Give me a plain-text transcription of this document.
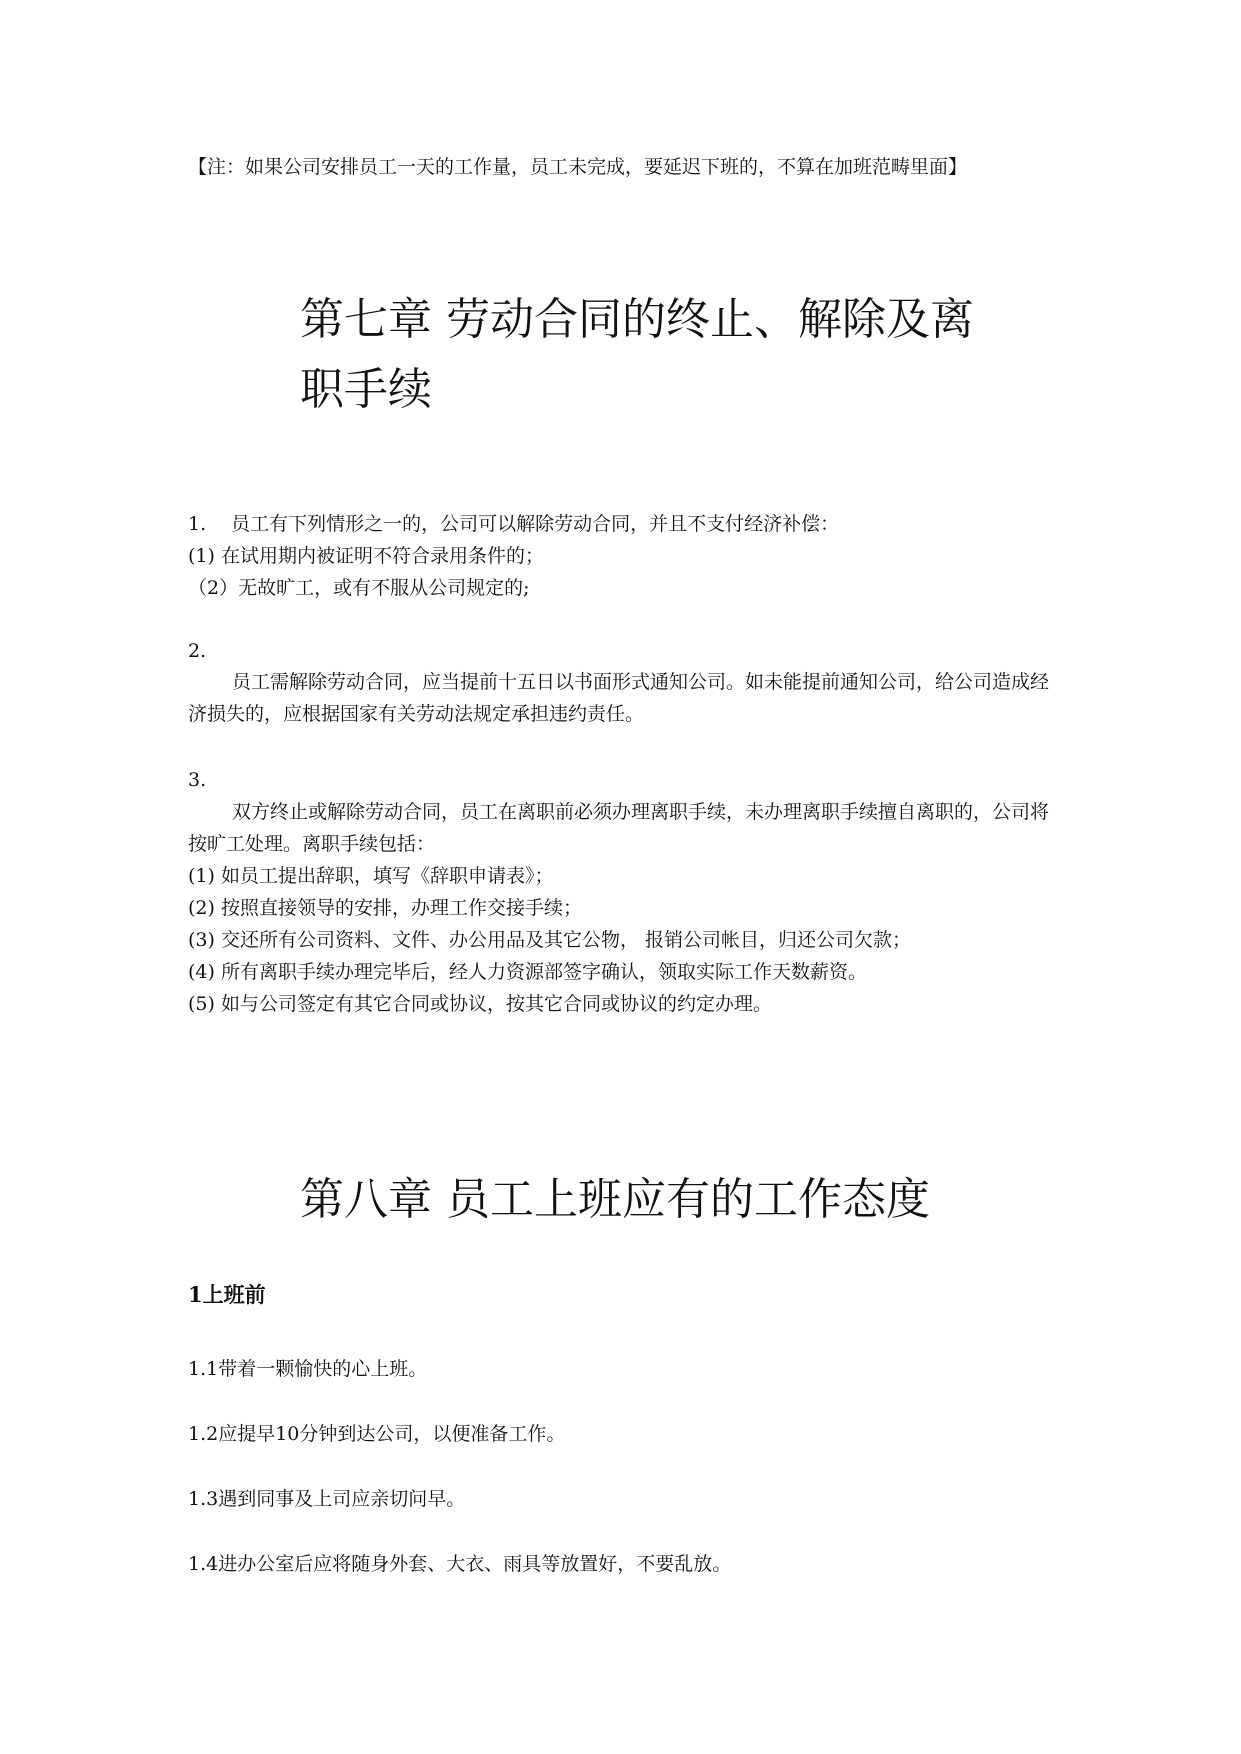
【注：如果公司安排员工一天的工作量，员工未完成，要延迟下班的，不算在加班范畴里面】
第七章 劳动合同的终止、解除及离
职手续
1.　 员工有下列情形之一的，公司可以解除劳动合同，并且不支付经济补偿：
(1) 在试用期内被证明不符合录用条件的；
（2）无故旷工，或有不服从公司规定的;
2.
员工需解除劳动合同，应当提前十五日以书面形式通知公司。如未能提前通知公司，给公司造成经济损失的，应根据国家有关劳动法规定承担违约责任。
3.
双方终止或解除劳动合同，员工在离职前必须办理离职手续，未办理离职手续擅自离职的，公司将按旷工处理。离职手续包括：
(1) 如员工提出辞职，填写《辞职申请表》；
(2) 按照直接领导的安排，办理工作交接手续；
(3) 交还所有公司资料、文件、办公用品及其它公物， 报销公司帐目，归还公司欠款；
(4) 所有离职手续办理完毕后，经人力资源部签字确认，领取实际工作天数薪资。
(5) 如与公司签定有其它合同或协议，按其它合同或协议的约定办理。
第八章 员工上班应有的工作态度
1上班前
1.1带着一颗愉快的心上班。
1.2应提早10分钟到达公司，以便准备工作。
1.3遇到同事及上司应亲切问早。
1.4进办公室后应将随身外套、大衣、雨具等放置好，不要乱放。
